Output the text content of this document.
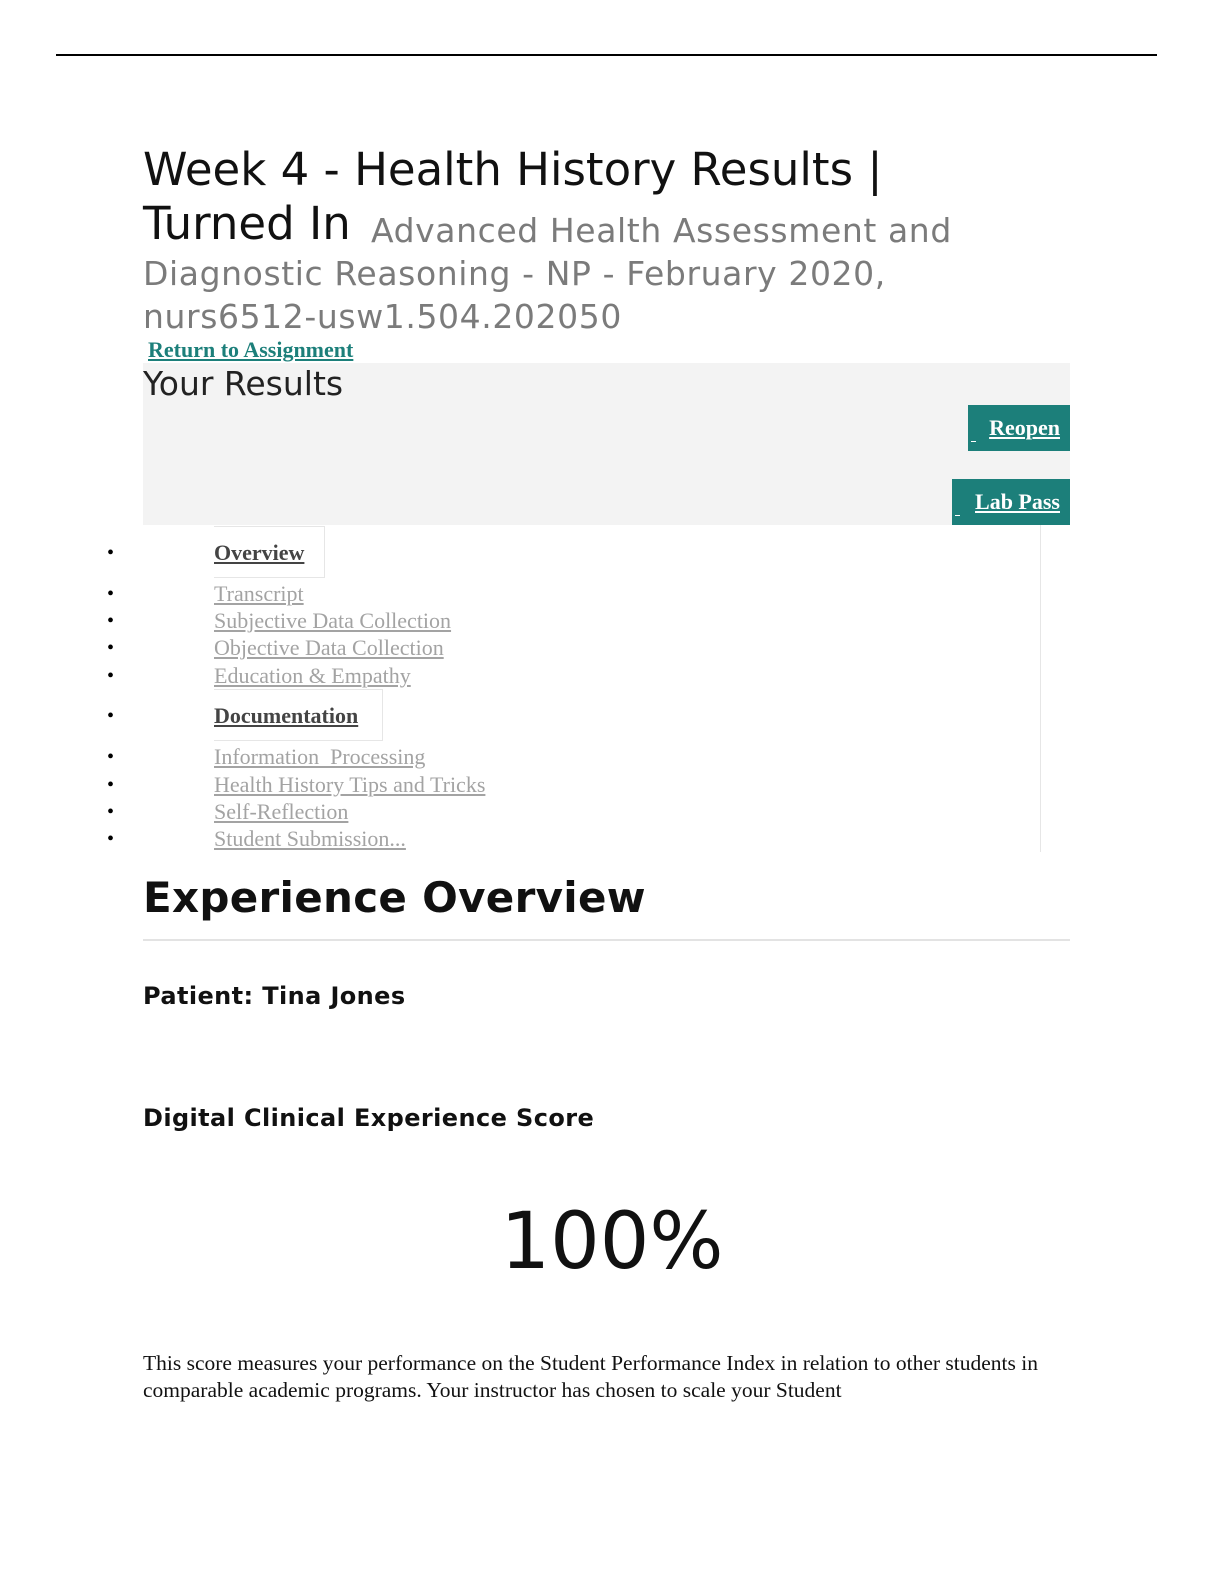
Week 4 - Health History Results |
Turned In Advanced Health Assessment and

Diagnostic Reasoning - NP - February 2020,
nurs6512-usw1.504.202050
Return to Assignment
Your Results
Reopen
Lab Pass
•	Overview
•	Transcript
•	Subjective Data Collection
•	Objective Data Collection
•	Education & Empathy
•	Documentation
•	Information  Processing
•	Health History Tips and Tricks
•	Self-Reflection
•	Student Submission...
Experience Overview
Patient: Tina Jones
Digital Clinical Experience Score
100%

This score measures your performance on the Student Performance Index in relation to other students in comparable academic programs. Your instructor has chosen to scale your Student
